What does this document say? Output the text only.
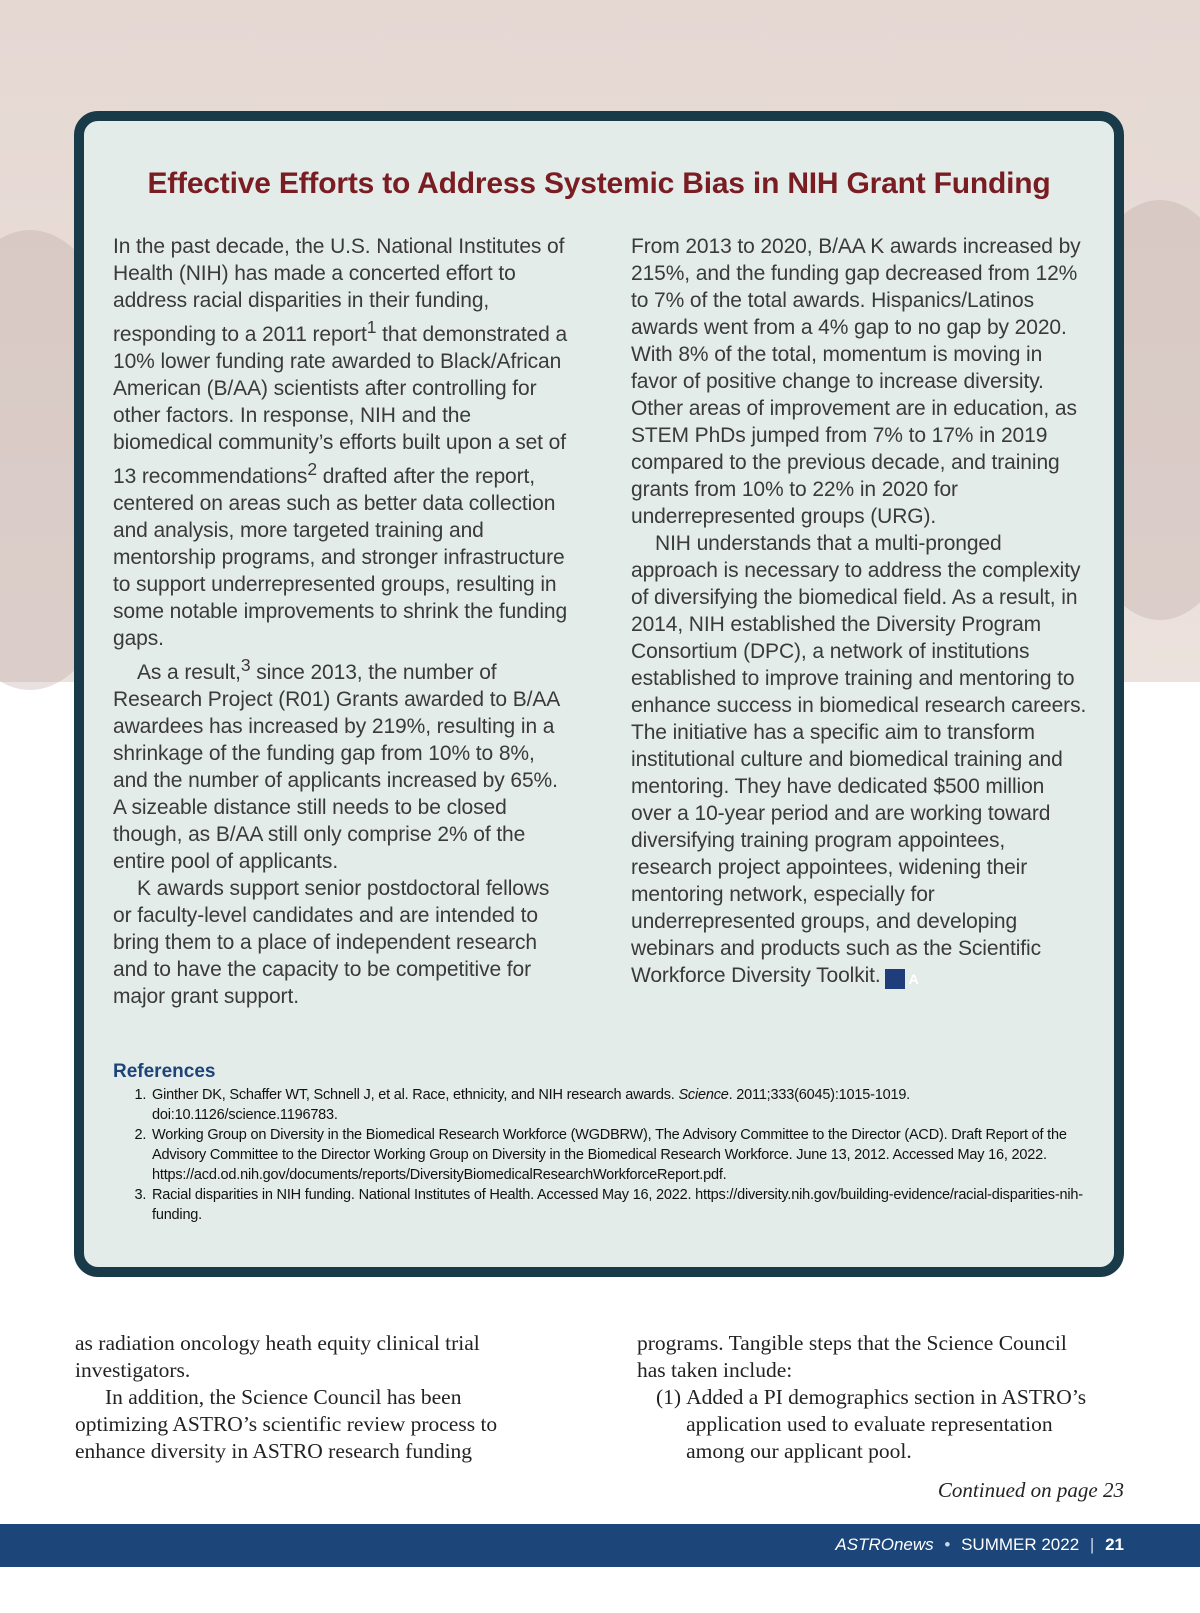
Effective Efforts to Address Systemic Bias in NIH Grant Funding

In the past decade, the U.S. National Institutes of Health (NIH) has made a concerted effort to address racial disparities in their funding, responding to a 2011 report$^1$ that demonstrated a 10% lower funding rate awarded to Black/African American (B/AA) scientists after controlling for other factors. In response, NIH and the biomedical community’s efforts built upon a set of 13 recommendations$^2$ drafted after the report, centered on areas such as better data collection and analysis, more targeted training and mentorship programs, and stronger infrastructure to support underrepresented groups, resulting in some notable improvements to shrink the funding gaps.

As a result,$^3$ since 2013, the number of Research Project (R01) Grants awarded to B/AA awardees has increased by 219%, resulting in a shrinkage of the funding gap from 10% to 8%, and the number of applicants increased by 65%. A sizeable distance still needs to be closed though, as B/AA still only comprise 2% of the entire pool of applicants.

K awards support senior postdoctoral fellows or faculty-level candidates and are intended to bring them to a place of independent research and to have the capacity to be competitive for major grant support.

From 2013 to 2020, B/AA K awards increased by 215%, and the funding gap decreased from 12% to 7% of the total awards. Hispanics/Latinos awards went from a 4% gap to no gap by 2020. With 8% of the total, momentum is moving in favor of positive change to increase diversity. Other areas of improvement are in education, as STEM PhDs jumped from 7% to 17% in 2019 compared to the previous decade, and training grants from 10% to 22% in 2020 for underrepresented groups (URG).

NIH understands that a multi-pronged approach is necessary to address the complexity of diversifying the biomedical field. As a result, in 2014, NIH established the Diversity Program Consortium (DPC), a network of institutions established to improve training and mentoring to enhance success in biomedical research careers. The initiative has a specific aim to transform institutional culture and biomedical training and mentoring. They have dedicated $500 million over a 10-year period and are working toward diversifying training program appointees, research project appointees, widening their mentoring network, especially for underrepresented groups, and developing webinars and products such as the Scientific Workforce Diversity Toolkit. A

References
1. Ginther DK, Schaffer WT, Schnell J, et al. Race, ethnicity, and NIH research awards. Science. 2011;333(6045):1015-1019. doi:10.1126/science.1196783.
2. Working Group on Diversity in the Biomedical Research Workforce (WGDBRW), The Advisory Committee to the Director (ACD). Draft Report of the Advisory Committee to the Director Working Group on Diversity in the Biomedical Research Workforce. June 13, 2012. Accessed May 16, 2022. https://acd.od.nih.gov/documents/reports/DiversityBiomedicalResearchWorkforceReport.pdf.
3. Racial disparities in NIH funding. National Institutes of Health. Accessed May 16, 2022. https://diversity.nih.gov/building-evidence/racial-disparities-nih-funding.

as radiation oncology heath equity clinical trial investigators.

In addition, the Science Council has been optimizing ASTRO’s scientific review process to enhance diversity in ASTRO research funding

programs. Tangible steps that the Science Council has taken include:

(1) Added a PI demographics section in ASTRO’s application used to evaluate representation among our applicant pool.
Continued on page 23
ASTROnews • SUMMER 2022 | 21
